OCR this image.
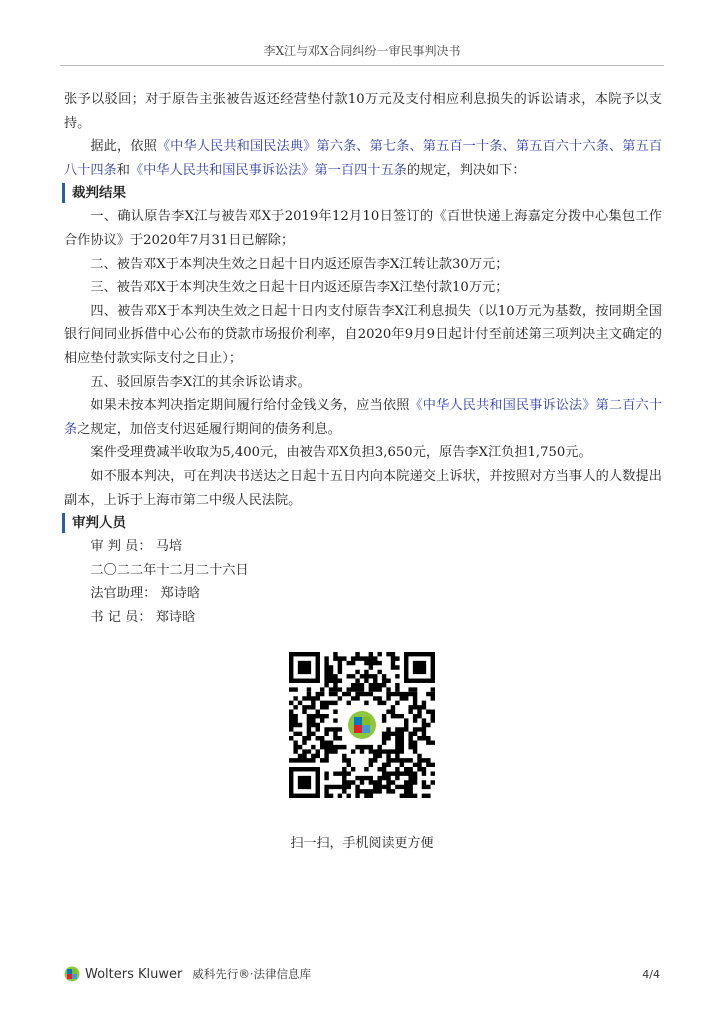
李X江与邓X合同纠纷一审民事判决书

张予以驳回；对于原告主张被告返还经营垫付款10万元及支付相应利息损失的诉讼请求，本院予以支持。

据此，依照《中华人民共和国民法典》第六条、第七条、第五百一十条、第五百六十六条、第五百八十四条和《中华人民共和国民事诉讼法》第一百四十五条的规定，判决如下：

裁判结果

一、确认原告李X江与被告邓X于2019年12月10日签订的《百世快递上海嘉定分拨中心集包工作合作协议》于2020年7月31日已解除；

二、被告邓X于本判决生效之日起十日内返还原告李X江转让款30万元；

三、被告邓X于本判决生效之日起十日内返还原告李X江垫付款10万元；

四、被告邓X于本判决生效之日起十日内支付原告李X江利息损失（以10万元为基数，按同期全国银行间同业拆借中心公布的贷款市场报价利率，自2020年9月9日起计付至前述第三项判决主文确定的相应垫付款实际支付之日止）；

五、驳回原告李X江的其余诉讼请求。

如果未按本判决指定期间履行给付金钱义务，应当依照《中华人民共和国民事诉讼法》第二百六十条之规定，加倍支付迟延履行期间的债务利息。

案件受理费减半收取为5,400元，由被告邓X负担3,650元，原告李X江负担1,750元。

如不服本判决，可在判决书送达之日起十五日内向本院递交上诉状，并按照对方当事人的人数提出副本，上诉于上海市第二中级人民法院。

审判人员

审 判 员： 马培

二〇二二年十二月二十六日

法官助理： 郑诗晗

书 记 员： 郑诗晗

扫一扫，手机阅读更方便
Wolters Kluwer 威科先行®·法律信息库	4/4
